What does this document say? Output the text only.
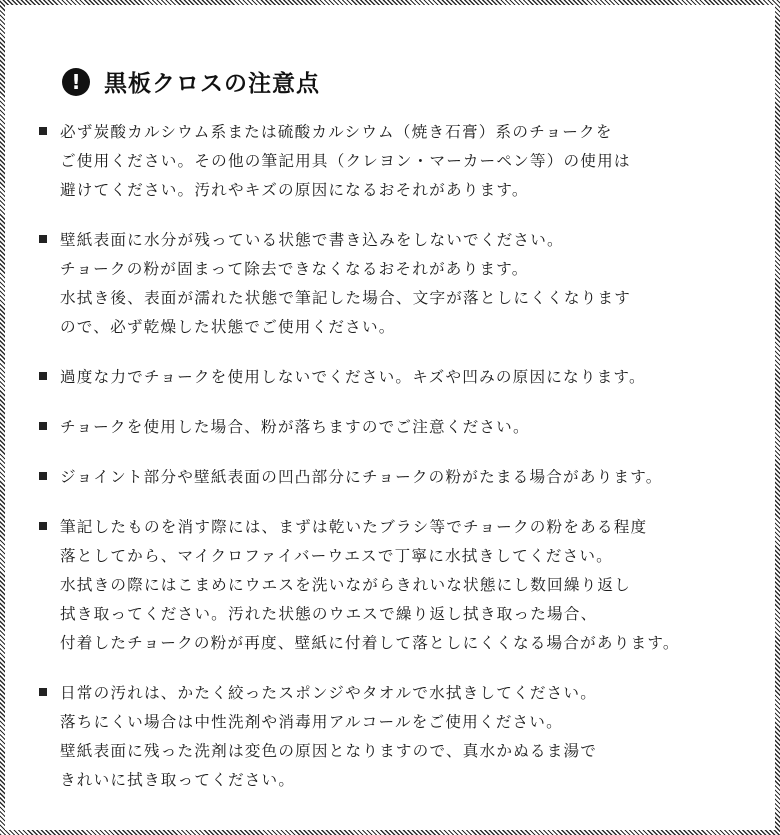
!	黒板クロスの注意点
必ず炭酸カルシウム系または硫酸カルシウム（焼き石膏）系のチョークを
ご使用ください。その他の筆記用具（クレヨン・マーカーペン等）の使用は
避けてください。汚れやキズの原因になるおそれがあります。
壁紙表面に水分が残っている状態で書き込みをしないでください。
チョークの粉が固まって除去できなくなるおそれがあります。
水拭き後、表面が濡れた状態で筆記した場合、文字が落としにくくなります
ので、必ず乾燥した状態でご使用ください。
過度な力でチョークを使用しないでください。キズや凹みの原因になります。
チョークを使用した場合、粉が落ちますのでご注意ください。
ジョイント部分や壁紙表面の凹凸部分にチョークの粉がたまる場合があります。
筆記したものを消す際には、まずは乾いたブラシ等でチョークの粉をある程度
落としてから、マイクロファイバーウエスで丁寧に水拭きしてください。
水拭きの際にはこまめにウエスを洗いながらきれいな状態にし数回繰り返し
拭き取ってください。汚れた状態のウエスで繰り返し拭き取った場合、
付着したチョークの粉が再度、壁紙に付着して落としにくくなる場合があります。
日常の汚れは、かたく絞ったスポンジやタオルで水拭きしてください。
落ちにくい場合は中性洗剤や消毒用アルコールをご使用ください。
壁紙表面に残った洗剤は変色の原因となりますので、真水かぬるま湯で
きれいに拭き取ってください。
